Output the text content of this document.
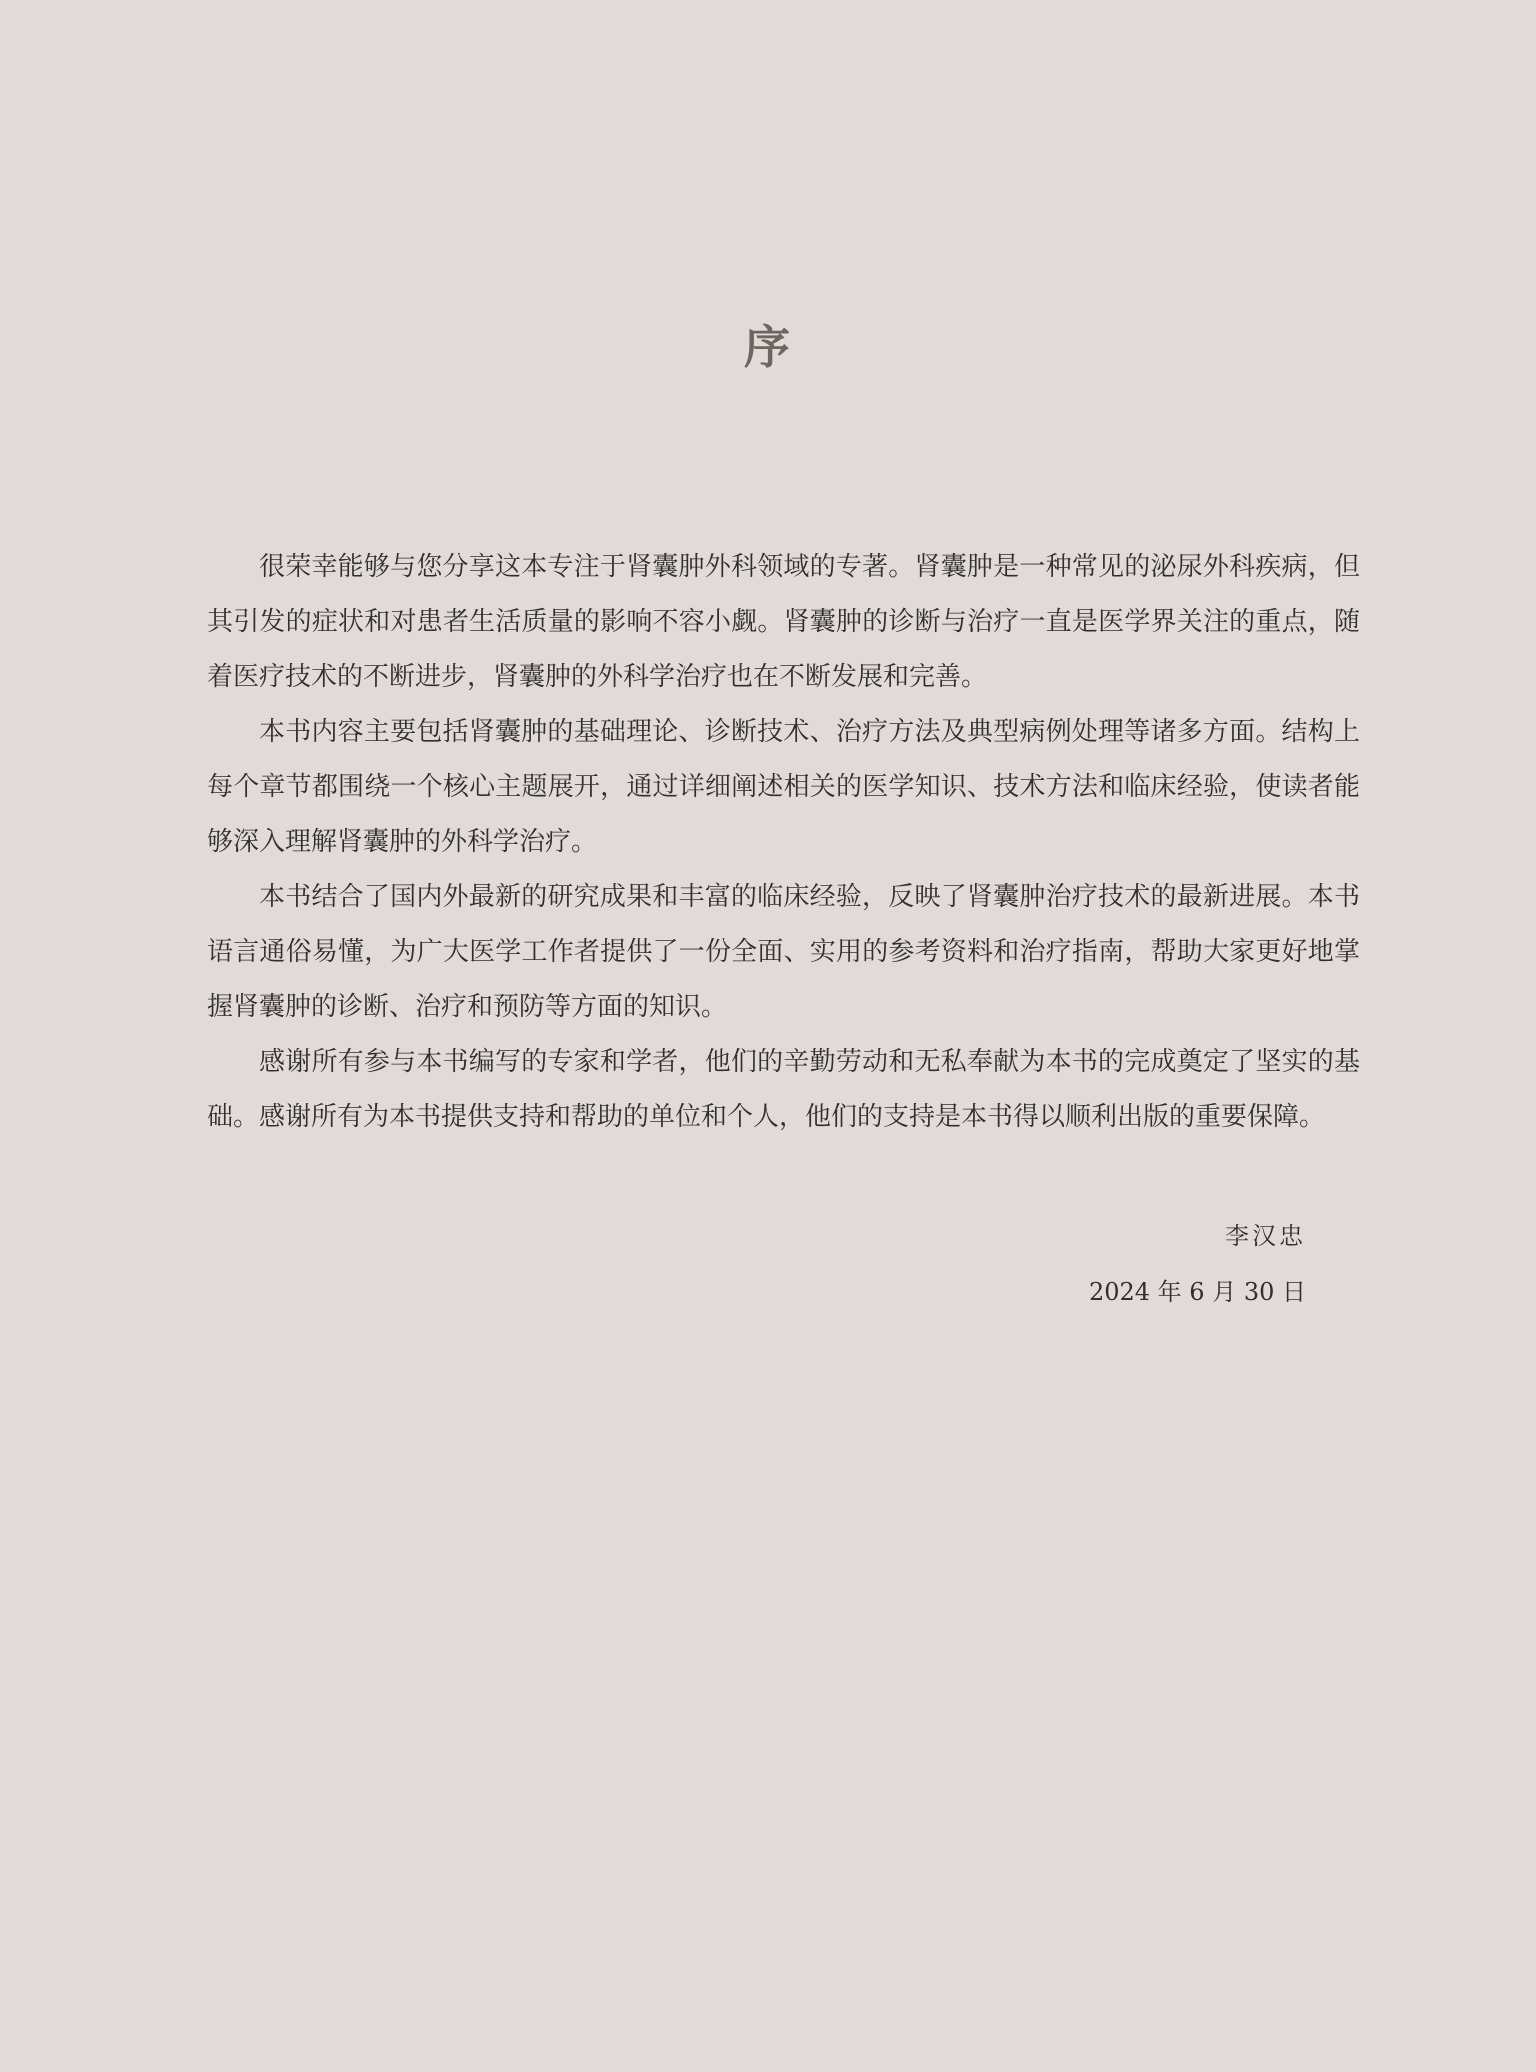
序

很荣幸能够与您分享这本专注于肾囊肿外科领域的专著。肾囊肿是一种常见的泌尿外科疾病，但其引发的症状和对患者生活质量的影响不容小觑。肾囊肿的诊断与治疗一直是医学界关注的重点，随着医疗技术的不断进步，肾囊肿的外科学治疗也在不断发展和完善。

本书内容主要包括肾囊肿的基础理论、诊断技术、治疗方法及典型病例处理等诸多方面。结构上每个章节都围绕一个核心主题展开，通过详细阐述相关的医学知识、技术方法和临床经验，使读者能够深入理解肾囊肿的外科学治疗。

本书结合了国内外最新的研究成果和丰富的临床经验，反映了肾囊肿治疗技术的最新进展。本书语言通俗易懂，为广大医学工作者提供了一份全面、实用的参考资料和治疗指南，帮助大家更好地掌握肾囊肿的诊断、治疗和预防等方面的知识。

感谢所有参与本书编写的专家和学者，他们的辛勤劳动和无私奉献为本书的完成奠定了坚实的基础。感谢所有为本书提供支持和帮助的单位和个人，他们的支持是本书得以顺利出版的重要保障。

李汉忠
2024 年 6 月 30 日
